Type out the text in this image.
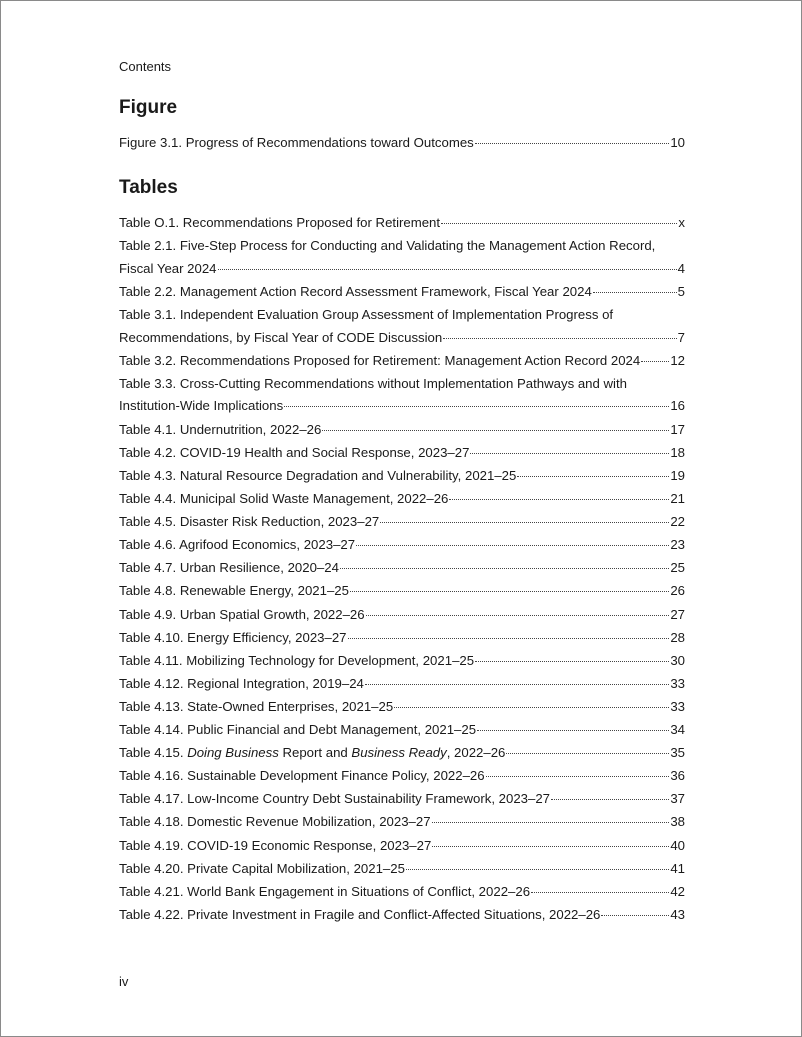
Contents
Figure
Figure 3.1. Progress of Recommendations toward Outcomes	10
Tables
Table O.1. Recommendations Proposed for Retirement	x
Table 2.1. Five-Step Process for Conducting and Validating the Management Action Record,
Fiscal Year 2024	4
Table 2.2. Management Action Record Assessment Framework, Fiscal Year 2024	5
Table 3.1. Independent Evaluation Group Assessment of Implementation Progress of
Recommendations, by Fiscal Year of CODE Discussion	7
Table 3.2. Recommendations Proposed for Retirement: Management Action Record 2024 12
Table 3.3. Cross-Cutting Recommendations without Implementation Pathways and with
Institution-Wide Implications	16
Table 4.1. Undernutrition, 2022–26	17
Table 4.2. COVID-19 Health and Social Response, 2023–27	18
Table 4.3. Natural Resource Degradation and Vulnerability, 2021–25	19
Table 4.4. Municipal Solid Waste Management, 2022–26	21
Table 4.5. Disaster Risk Reduction, 2023–27	22
Table 4.6. Agrifood Economics, 2023–27	23
Table 4.7. Urban Resilience, 2020–24	25
Table 4.8. Renewable Energy, 2021–25	26
Table 4.9. Urban Spatial Growth, 2022–26	27
Table 4.10. Energy Efficiency, 2023–27	28
Table 4.11. Mobilizing Technology for Development, 2021–25	30
Table 4.12. Regional Integration, 2019–24	33
Table 4.13. State-Owned Enterprises, 2021–25	33
Table 4.14. Public Financial and Debt Management, 2021–25	34
Table 4.15. Doing Business Report and Business Ready, 2022–26	35
Table 4.16. Sustainable Development Finance Policy, 2022–26	36
Table 4.17. Low-Income Country Debt Sustainability Framework, 2023–27	37
Table 4.18. Domestic Revenue Mobilization, 2023–27	38
Table 4.19. COVID-19 Economic Response, 2023–27	40
Table 4.20. Private Capital Mobilization, 2021–25	41
Table 4.21. World Bank Engagement in Situations of Conflict, 2022–26	42
Table 4.22. Private Investment in Fragile and Conflict-Affected Situations, 2022–26	43
iv
